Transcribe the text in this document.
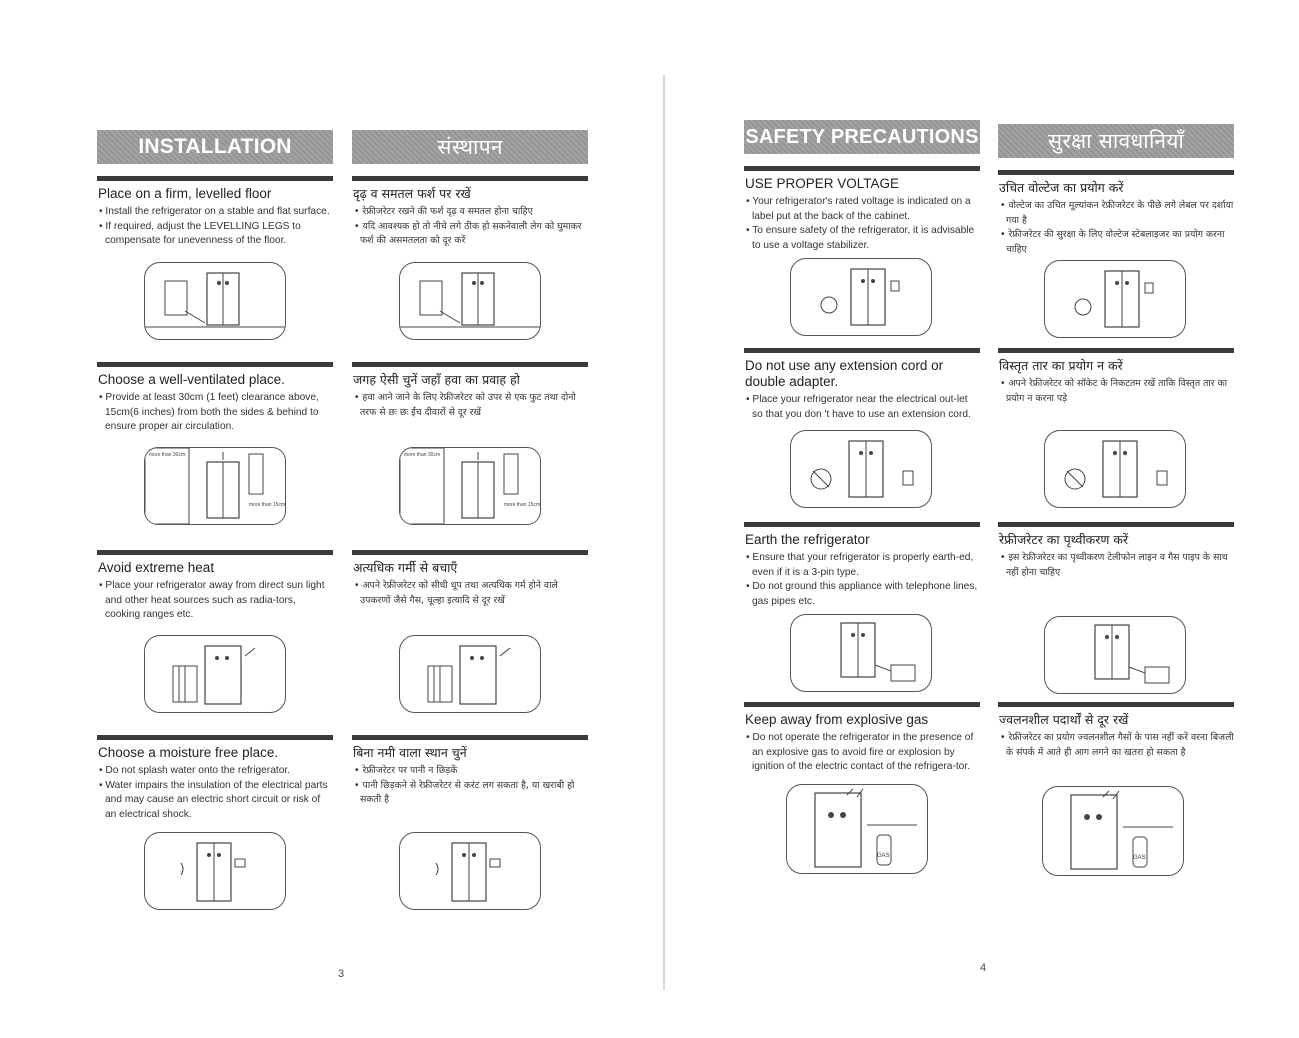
INSTALLATION
Place on a firm, levelled floor
• Install the refrigerator on a stable and flat surface.
• If required, adjust the LEVELLING LEGS to compensate for unevenness of the floor.
Choose a well-ventilated place.
• Provide at least 30cm (1 feet) clearance above, 15cm(6 inches) from both the sides & behind to ensure proper air circulation.
more than 30cm
more than 15cm
Avoid extreme heat
• Place your refrigerator away from direct sun light and other heat sources such as radia-tors, cooking ranges etc.
Choose a moisture free place.
• Do not splash water onto the refrigerator.
• Water impairs the insulation of the electrical parts and may cause an electric short circuit or risk of an electrical shock.
संस्थापन
दृढ़ व समतल फर्श पर रखें
• रेफ्रीजरेटर रखने की फर्श दृढ़ व समतल होना चाहिए
• यदि आवश्यक हो तो नीचे लगे ठीक हो सकनेवाली लेग को घुमाकर फर्श की असमतलता को दूर करें
जगह ऐसी चुनें जहाँ हवा का प्रवाह हो
• हवा आने जाने के लिए रेफ्रीजरेटर को उपर से एक फुट तथा दोनो तरफ से छः छः ईंच दीवारों से दूर रखें
more than 30cm
more than 15cm
अत्यधिक गर्मी से बचाएँ
• अपने रेफ्रीजरेटर को सीधी धूप तथा अत्यधिक गर्म होने वाले उपकरणों जैसे गैस, चूल्हा इत्यादि से दूर रखें
बिना नमी वाला स्थान चुनें
• रेफ्रीजरेटर पर पानी न छिड़कें
• पानी छिड़कने से रेफ्रीजरेटर से करंट लग सकता है, या खराबी हो सकती है
3
SAFETY PRECAUTIONS
USE PROPER VOLTAGE
• Your refrigerator's rated voltage is indicated on a label put at the back of the cabinet.
• To ensure safety of the refrigerator, it is advisable to use a voltage stabilizer.
Do not use any extension cord or double adapter.
• Place your refrigerator near the electrical out-let so that you don 't have to use an extension cord.
Earth the refrigerator
• Ensure that your refrigerator is properly earth-ed, even if it is a 3-pin type.
• Do not ground this appliance with telephone lines, gas pipes etc.
Keep away from explosive gas
• Do not operate the refrigerator in the presence of an explosive gas to avoid fire or explosion by ignition of the electric contact of the refrigera-tor.
GAS
सुरक्षा सावधानियाँ
उचित वोल्टेज का प्रयोग करें
• वोल्टेज का उचित मूल्यांकन रेफ्रीजरेटर के पीछे लगे लेबल पर दर्शाया गया है
• रेफ्रीजरेटर की सुरक्षा के लिए वोल्टेज स्टेबलाइजर का प्रयोग करना चाहिए
विस्तृत तार का प्रयोग न करें
• अपने रेफ्रीजरेटर को सॉकेट के निकटतम रखें ताकि विस्तृत तार का प्रयोग न करना पड़े
रेफ्रीजरेटर का पृथ्वीकरण करें
• इस रेफ्रीजरेटर का पृथ्वीकरण टेलीफोन लाइन व गैस पाइप के साथ नहीं होना चाहिए
ज्वलनशील पदार्थों से दूर रखें
• रेफ्रीजरेटर का प्रयोग ज्वलनशील गैसों के पास नहीं करें वरना बिजली के संपर्क में आते ही आग लगने का खतरा हो सकता है
GAS
4
